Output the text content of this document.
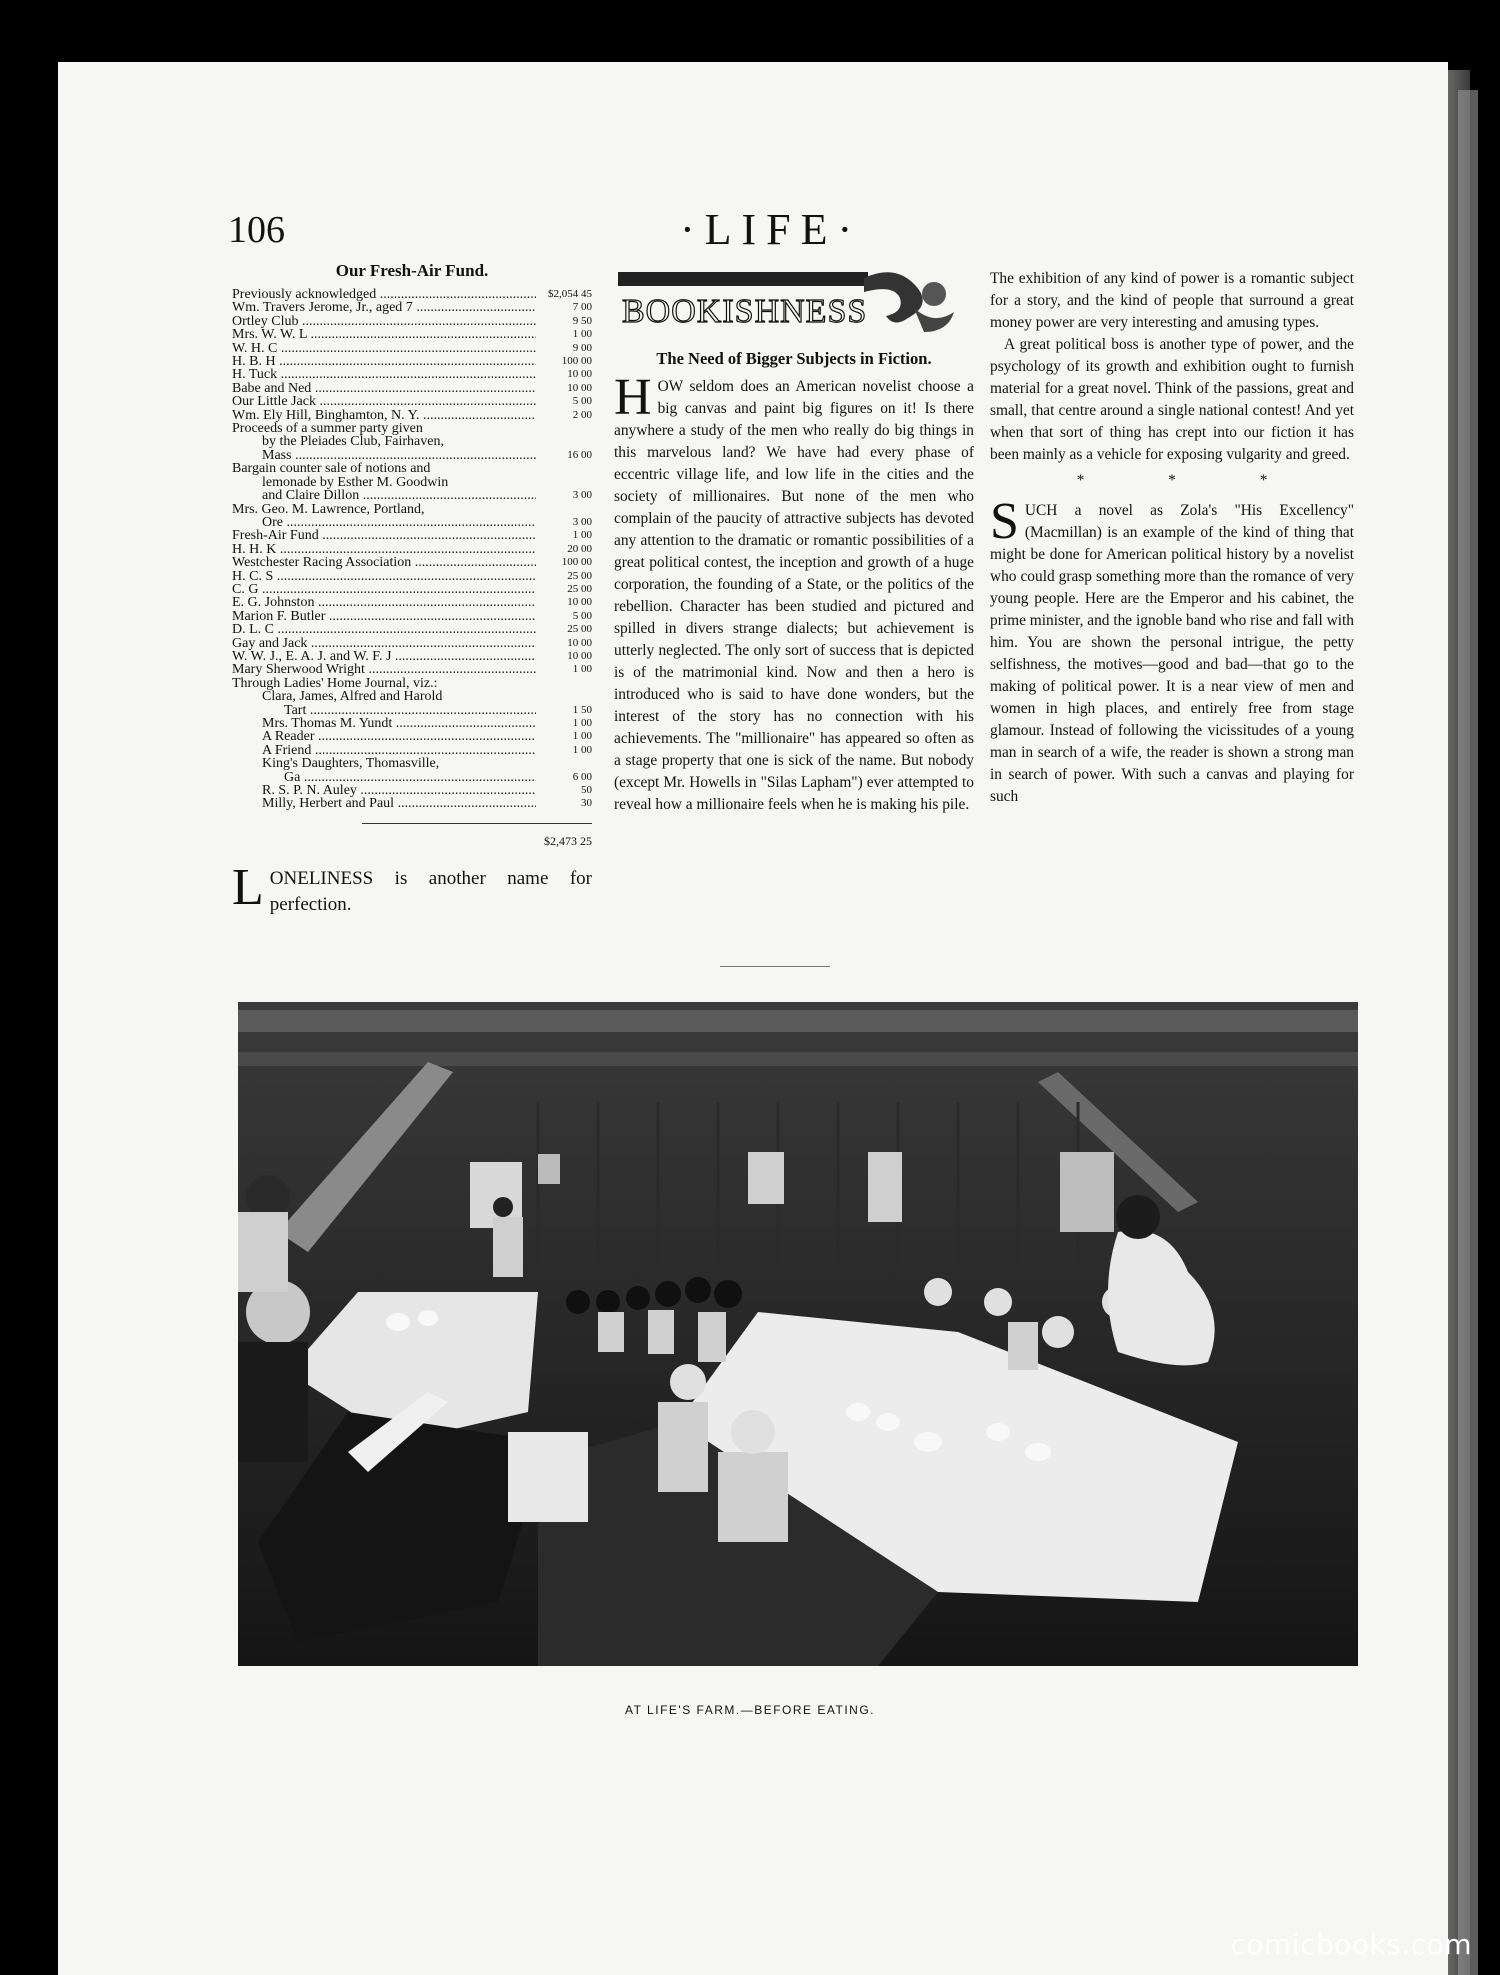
106	·LIFE·
Our Fresh-Air Fund.
Previously acknowledged .....	$2,054 45
Wm. Travers Jerome, Jr., aged 7 .....	7 00
Ortley Club .....	9 50
Mrs. W. W. L .....	1 00
W. H. C .....	9 00
H. B. H .....	100 00
H. Tuck .....	10 00
Babe and Ned .....	10 00
Our Little Jack .....	5 00
Wm. Ely Hill, Binghamton, N. Y. .....	2 00
Proceeds of a summer party given
by the Pleiades Club, Fairhaven,
Mass .....	16 00
Bargain counter sale of notions and
lemonade by Esther M. Goodwin
and Claire Dillon .....	3 00
Mrs. Geo. M. Lawrence, Portland,
Ore .....	3 00
Fresh-Air Fund .....	1 00
H. H. K .....	20 00
Westchester Racing Association .....	100 00
H. C. S .....	25 00
C. G .....	25 00
E. G. Johnston .....	10 00
Marion F. Butler .....	5 00
D. L. C .....	25 00
Gay and Jack .....	10 00
W. W. J., E. A. J. and W. F. J .....	10 00
Mary Sherwood Wright .....	1 00
Through Ladies' Home Journal, viz.:
Clara, James, Alfred and Harold
Tart .....	1 50
Mrs. Thomas M. Yundt .....	1 00
A Reader .....	1 00
A Friend .....	1 00
King's Daughters, Thomasville,
Ga .....	6 00
R. S. P. N. Auley .....	50
Milly, Herbert and Paul .....	30
$2,473 25
L ONELINESS is another name for perfection.
BOOKISHNESS
The Need of Bigger Subjects in Fiction.

HOW seldom does an American novelist choose a big canvas and paint big figures on it! Is there anywhere a study of the men who really do big things in this marvelous land? We have had every phase of eccentric village life, and low life in the cities and the society of millionaires. But none of the men who complain of the paucity of attractive subjects has devoted any attention to the dramatic or romantic possibilities of a great political contest, the inception and growth of a huge corporation, the founding of a State, or the politics of the rebellion. Character has been studied and pictured and spilled in divers strange dialects; but achievement is utterly neglected. The only sort of success that is depicted is of the matrimonial kind. Now and then a hero is introduced who is said to have done wonders, but the interest of the story has no connection with his achievements. The "millionaire" has appeared so often as a stage property that one is sick of the name. But nobody (except Mr. Howells in "Silas Lapham") ever attempted to reveal how a millionaire feels when he is making his pile.

The exhibition of any kind of power is a romantic subject for a story, and the kind of people that surround a great money power are very interesting and amusing types.

A great political boss is another type of power, and the psychology of its growth and exhibition ought to furnish material for a great novel. Think of the passions, great and small, that centre around a single national contest! And yet when that sort of thing has crept into our fiction it has been mainly as a vehicle for exposing vulgarity and greed.

* * *

SUCH a novel as Zola's "His Excellency" (Macmillan) is an example of the kind of thing that might be done for American political history by a novelist who could grasp something more than the romance of very young people. Here are the Emperor and his cabinet, the prime minister, and the ignoble band who rise and fall with him. You are shown the personal intrigue, the petty selfishness, the motives—good and bad—that go to the making of political power. It is a near view of men and women in high places, and entirely free from stage glamour. Instead of following the vicissitudes of a young man in search of a wife, the reader is shown a strong man in search of power. With such a canvas and playing for such

AT LIFE'S FARM.—BEFORE EATING.
comicbooks.com
